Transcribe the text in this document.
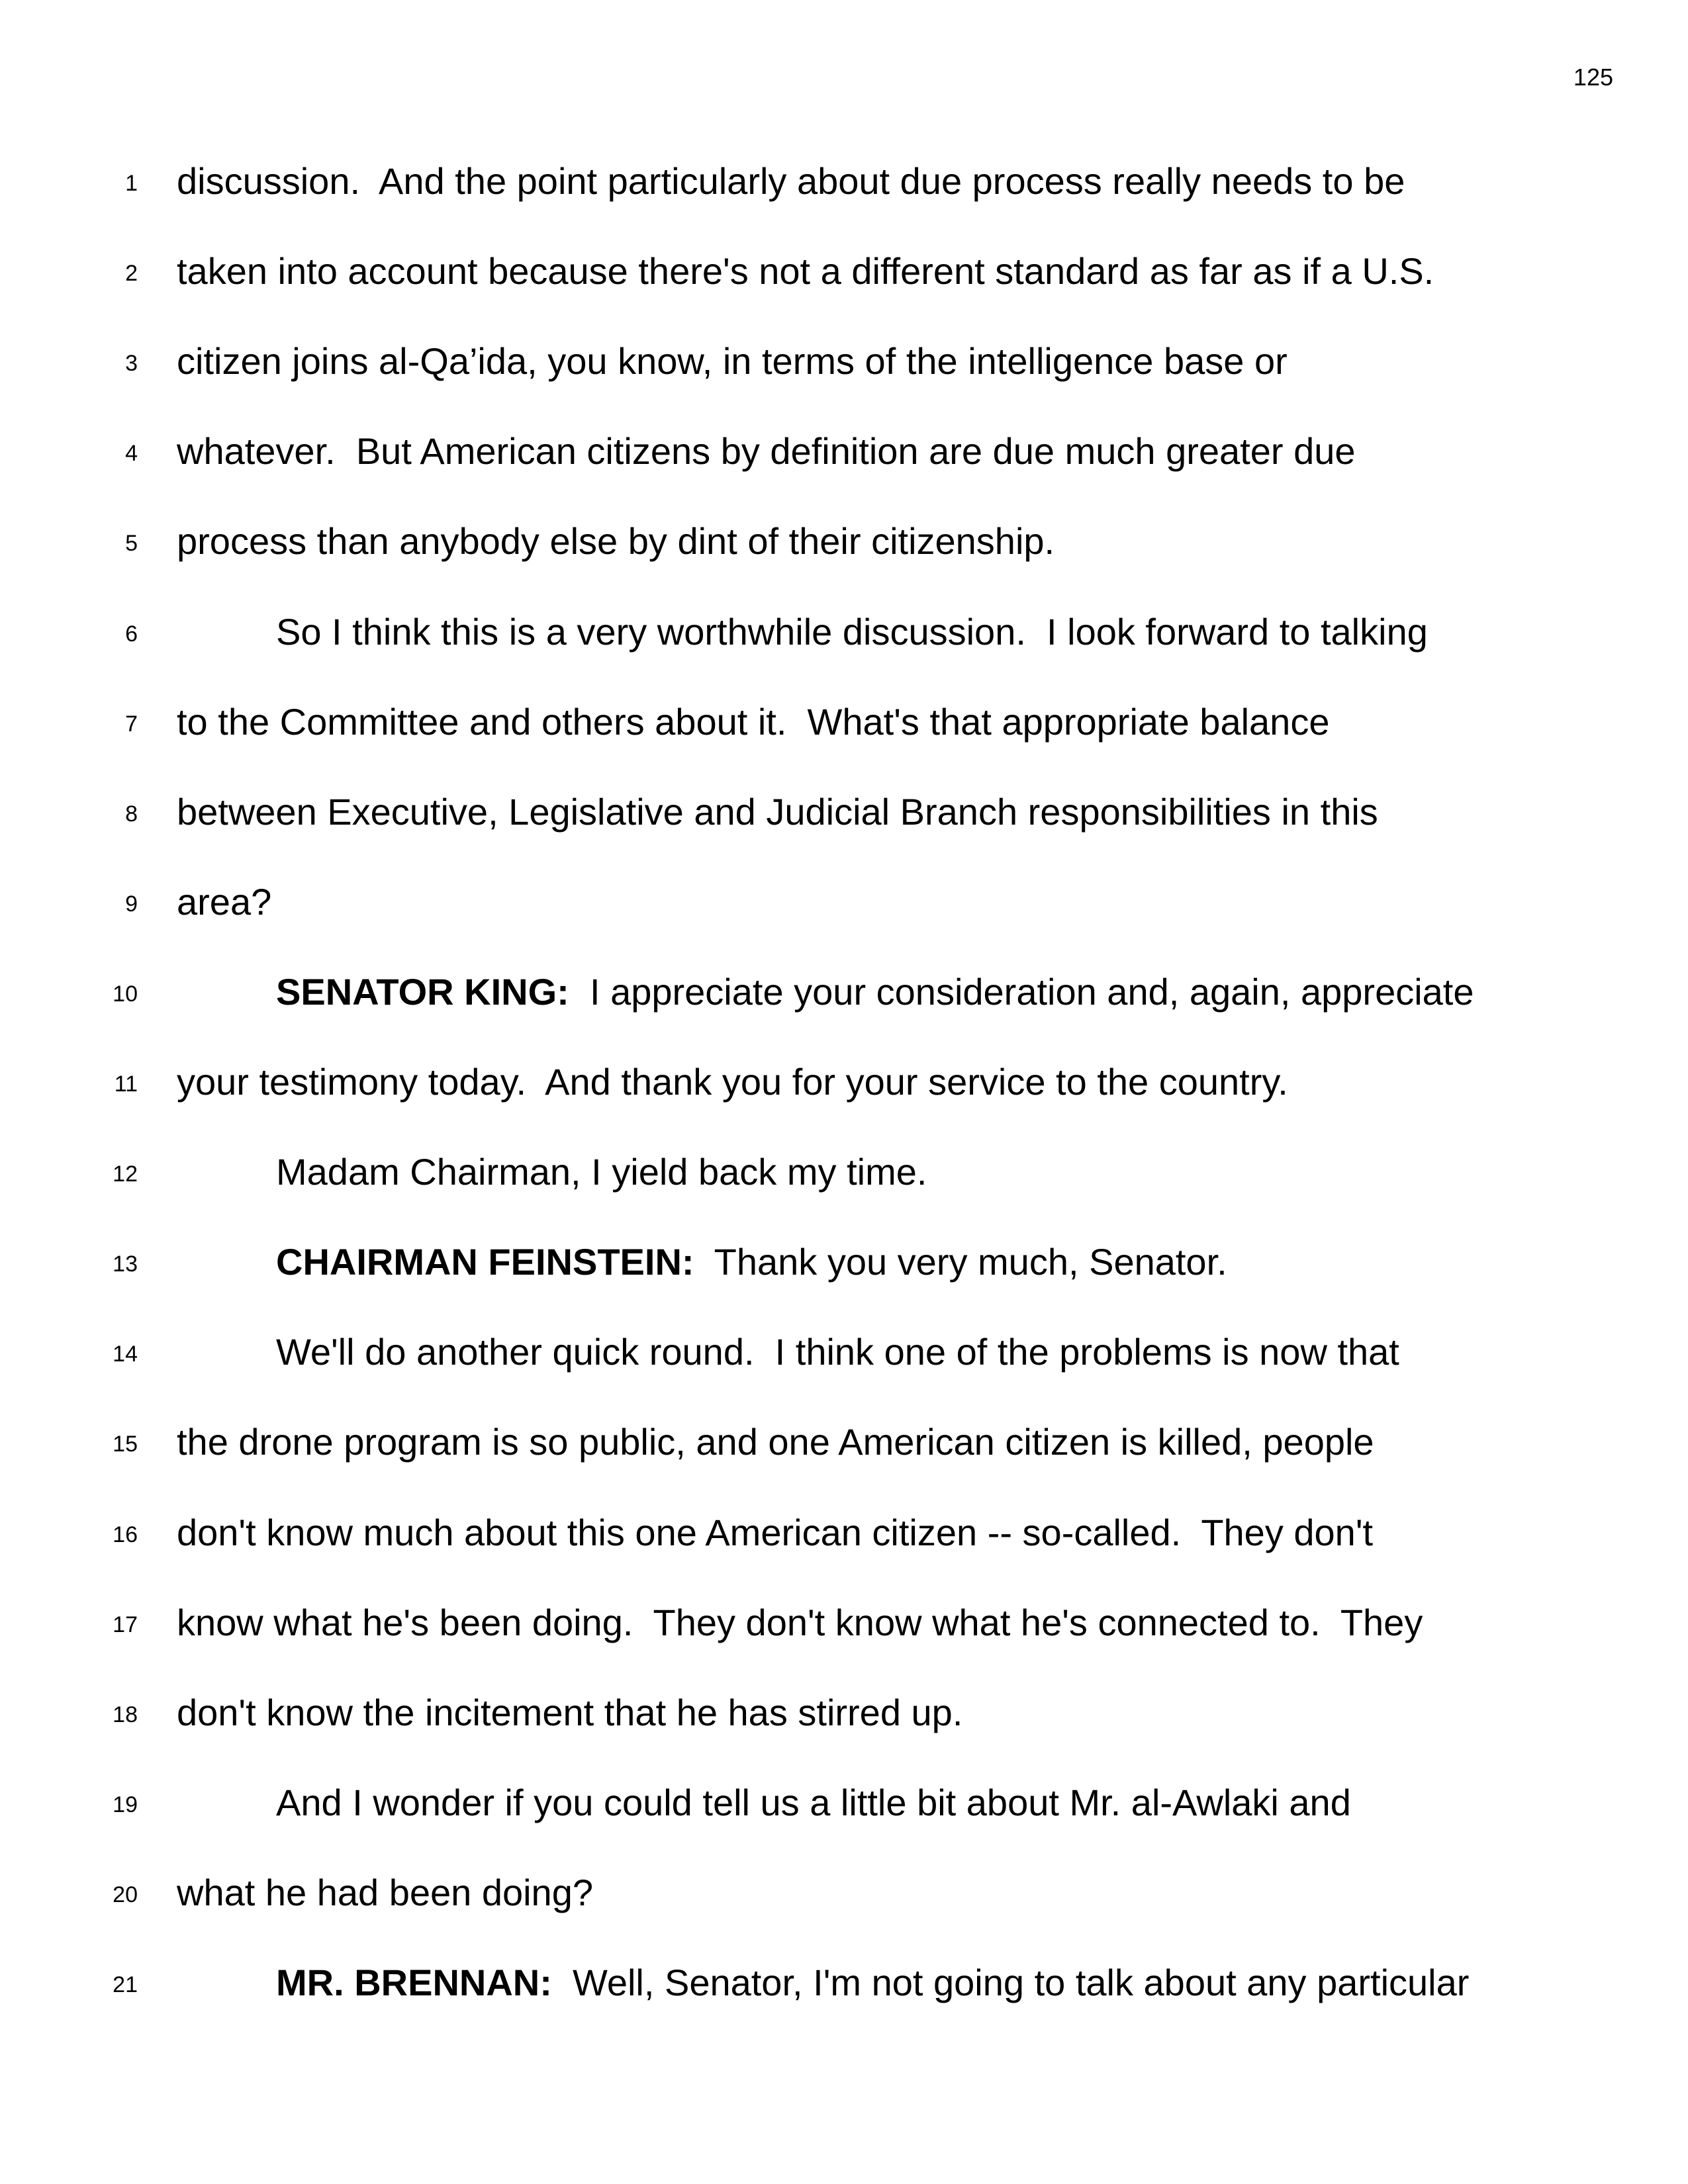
125
1 discussion.  And the point particularly about due process really needs to be
2 taken into account because there's not a different standard as far as if a U.S.
3 citizen joins al-Qa’ida, you know, in terms of the intelligence base or
4 whatever.  But American citizens by definition are due much greater due
5 process than anybody else by dint of their citizenship.
6	So I think this is a very worthwhile discussion.  I look forward to talking
7 to the Committee and others about it.  What's that appropriate balance
8 between Executive, Legislative and Judicial Branch responsibilities in this
9 area?
10	SENATOR KING:  I appreciate your consideration and, again, appreciate
11 your testimony today.  And thank you for your service to the country.
12	Madam Chairman, I yield back my time.
13	CHAIRMAN FEINSTEIN:  Thank you very much, Senator.
14	We'll do another quick round.  I think one of the problems is now that
15 the drone program is so public, and one American citizen is killed, people
16 don't know much about this one American citizen -- so-called.  They don't
17 know what he's been doing.  They don't know what he's connected to.  They
18 don't know the incitement that he has stirred up.
19	And I wonder if you could tell us a little bit about Mr. al-Awlaki and
20 what he had been doing?
21	MR. BRENNAN:  Well, Senator, I'm not going to talk about any particular
